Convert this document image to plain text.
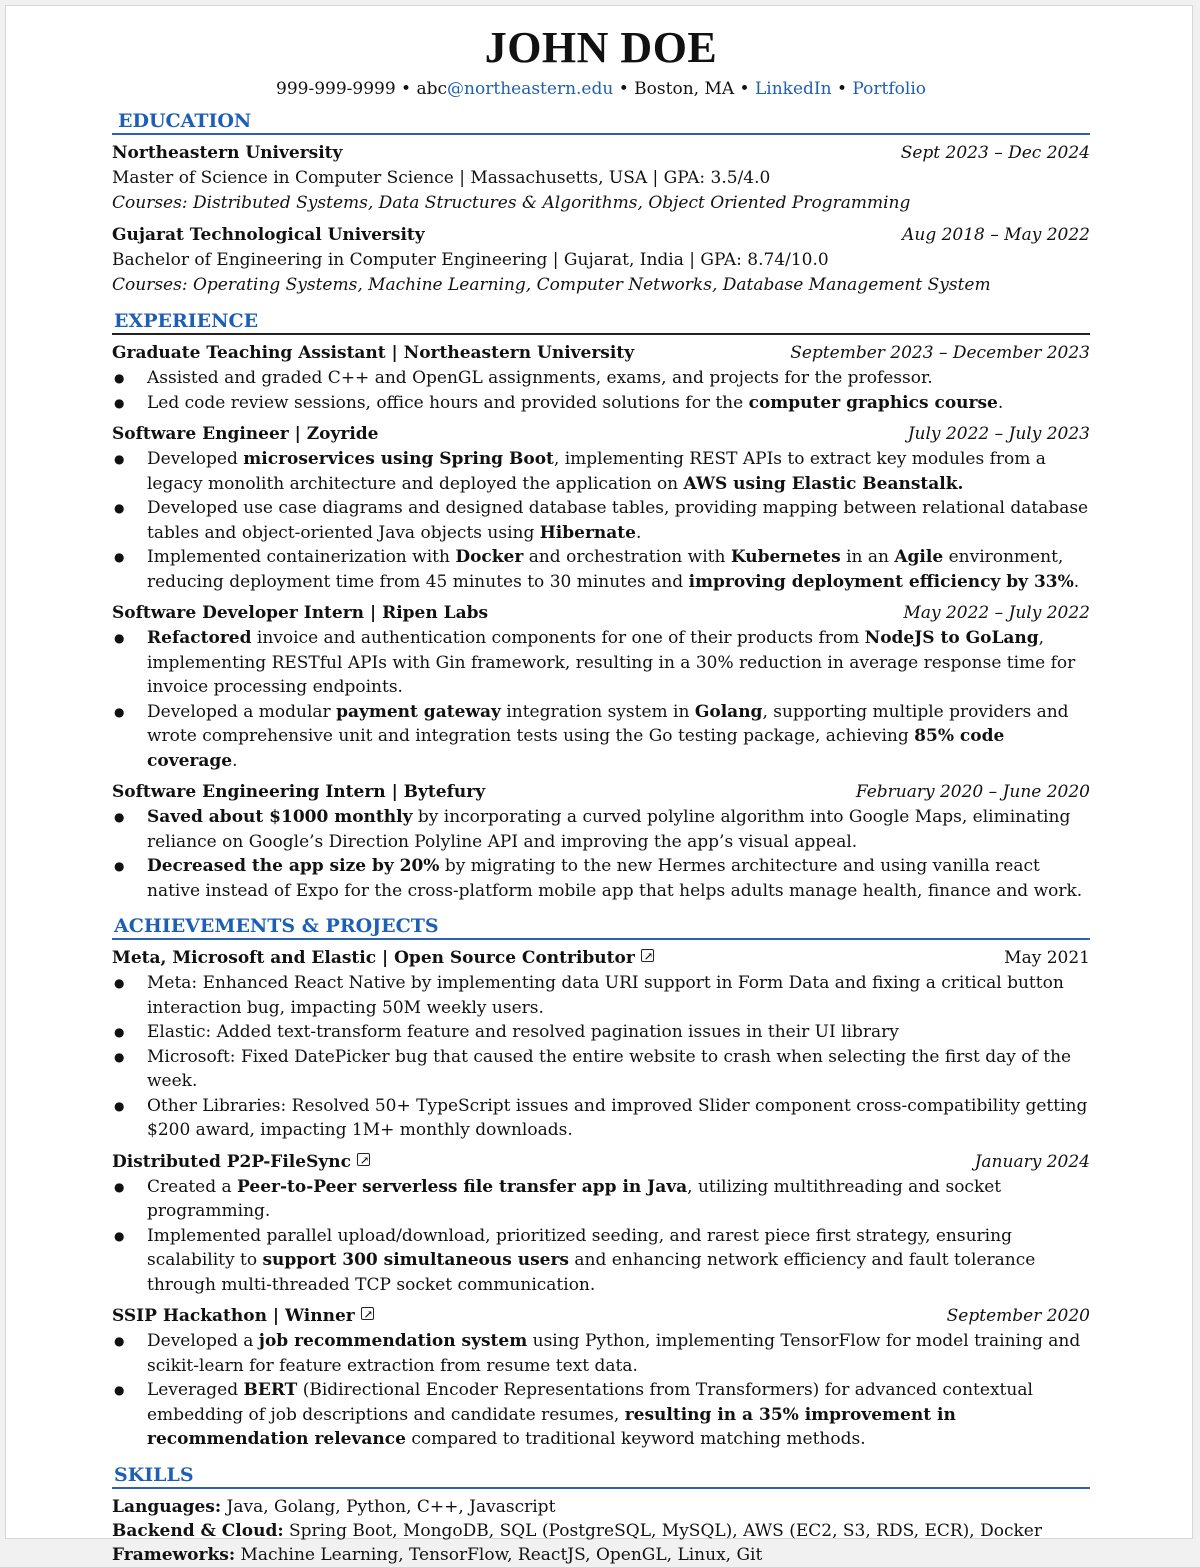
JOHN DOE
999-999-9999 • abc@northeastern.edu • Boston, MA • LinkedIn • Portfolio
EDUCATION
Northeastern University	Sept 2023 – Dec 2024
Master of Science in Computer Science | Massachusetts, USA | GPA: 3.5/4.0
Courses: Distributed Systems, Data Structures & Algorithms, Object Oriented Programming
Gujarat Technological University	Aug 2018 – May 2022
Bachelor of Engineering in Computer Engineering | Gujarat, India | GPA: 8.74/10.0
Courses: Operating Systems, Machine Learning, Computer Networks, Database Management System
EXPERIENCE
Graduate Teaching Assistant | Northeastern University	September 2023 – December 2023
● Assisted and graded C++ and OpenGL assignments, exams, and projects for the professor.
● Led code review sessions, office hours and provided solutions for the computer graphics course.
Software Engineer | Zoyride	July 2022 – July 2023
● Developed microservices using Spring Boot, implementing REST APIs to extract key modules from a legacy monolith architecture and deployed the application on AWS using Elastic Beanstalk.
● Developed use case diagrams and designed database tables, providing mapping between relational database tables and object-oriented Java objects using Hibernate.
● Implemented containerization with Docker and orchestration with Kubernetes in an Agile environment, reducing deployment time from 45 minutes to 30 minutes and improving deployment efficiency by 33%.
Software Developer Intern | Ripen Labs	May 2022 – July 2022
● Refactored invoice and authentication components for one of their products from NodeJS to GoLang, implementing RESTful APIs with Gin framework, resulting in a 30% reduction in average response time for invoice processing endpoints.
● Developed a modular payment gateway integration system in Golang, supporting multiple providers and wrote comprehensive unit and integration tests using the Go testing package, achieving 85% code coverage.
Software Engineering Intern | Bytefury	February 2020 – June 2020
● Saved about $1000 monthly by incorporating a curved polyline algorithm into Google Maps, eliminating reliance on Google’s Direction Polyline API and improving the app’s visual appeal.
● Decreased the app size by 20% by migrating to the new Hermes architecture and using vanilla react native instead of Expo for the cross-platform mobile app that helps adults manage health, finance and work.
ACHIEVEMENTS & PROJECTS
Meta, Microsoft and Elastic | Open Source Contributor ↗	May 2021
● Meta: Enhanced React Native by implementing data URI support in Form Data and fixing a critical button interaction bug, impacting 50M weekly users.
● Elastic: Added text-transform feature and resolved pagination issues in their UI library
● Microsoft: Fixed DatePicker bug that caused the entire website to crash when selecting the first day of the week.
● Other Libraries: Resolved 50+ TypeScript issues and improved Slider component cross-compatibility getting $200 award, impacting 1M+ monthly downloads.
Distributed P2P-FileSync ↗	January 2024
● Created a Peer-to-Peer serverless file transfer app in Java, utilizing multithreading and socket programming.
● Implemented parallel upload/download, prioritized seeding, and rarest piece first strategy, ensuring scalability to support 300 simultaneous users and enhancing network efficiency and fault tolerance through multi-threaded TCP socket communication.
SSIP Hackathon | Winner ↗	September 2020
● Developed a job recommendation system using Python, implementing TensorFlow for model training and scikit-learn for feature extraction from resume text data.
● Leveraged BERT (Bidirectional Encoder Representations from Transformers) for advanced contextual embedding of job descriptions and candidate resumes, resulting in a 35% improvement in recommendation relevance compared to traditional keyword matching methods.
SKILLS
Languages: Java, Golang, Python, C++, Javascript
Backend & Cloud: Spring Boot, MongoDB, SQL (PostgreSQL, MySQL), AWS (EC2, S3, RDS, ECR), Docker
Frameworks: Machine Learning, TensorFlow, ReactJS, OpenGL, Linux, Git
